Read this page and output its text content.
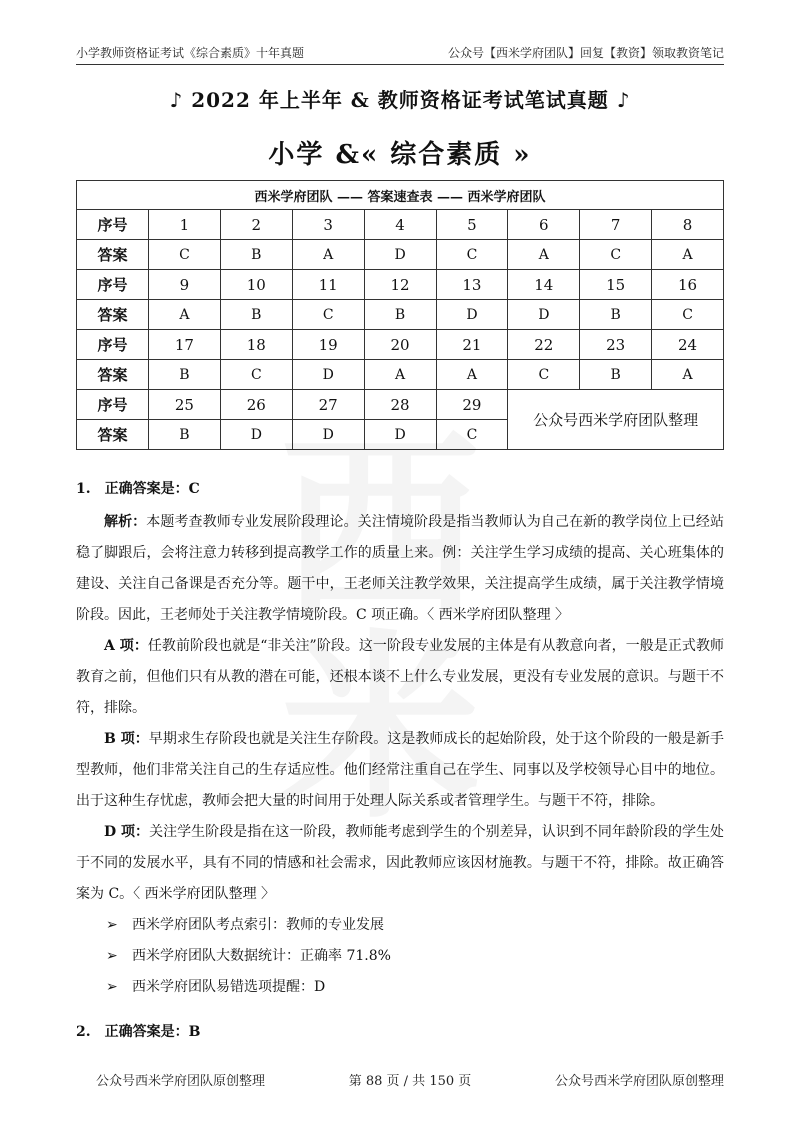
小学教师资格证考试《综合素质》十年真题	公众号【西米学府团队】回复【教资】领取教资笔记
♪ 2022 年上半年 & 教师资格证考试笔试真题 ♪
小学 &« 综合素质 »
西米学府团队 —— 答案速查表 —— 西米学府团队								
序号	1	2	3	4	5	6	7	8
答案	C	B	A	D	C	A	C	A
序号	9	10	11	12	13	14	15	16
答案	A	B	C	B	D	D	B	C
序号	17	18	19	20	21	22	23	24
答案	B	C	D	A	A	C	B	A
序号	25	26	27	28	29	公众号西米学府团队整理		
答案	B	D	D	D	C			

1.　正确答案是：C

解析：本题考查教师专业发展阶段理论。关注情境阶段是指当教师认为自己在新的教学岗位上已经站稳了脚跟后，会将注意力转移到提高教学工作的质量上来。例：关注学生学习成绩的提高、关心班集体的建设、关注自己备课是否充分等。题干中，王老师关注教学效果，关注提高学生成绩，属于关注教学情境阶段。因此，王老师处于关注教学情境阶段。C 项正确。〈 西米学府团队整理 〉

A 项：任教前阶段也就是“非关注”阶段。这一阶段专业发展的主体是有从教意向者，一般是正式教师教育之前，但他们只有从教的潜在可能，还根本谈不上什么专业发展，更没有专业发展的意识。与题干不符，排除。

B 项：早期求生存阶段也就是关注生存阶段。这是教师成长的起始阶段，处于这个阶段的一般是新手型教师，他们非常关注自己的生存适应性。他们经常注重自己在学生、同事以及学校领导心目中的地位。出于这种生存忧虑，教师会把大量的时间用于处理人际关系或者管理学生。与题干不符，排除。

D 项：关注学生阶段是指在这一阶段，教师能考虑到学生的个别差异，认识到不同年龄阶段的学生处于不同的发展水平，具有不同的情感和社会需求，因此教师应该因材施教。与题干不符，排除。故正确答案为 C。〈 西米学府团队整理 〉

➢ 西米学府团队考点索引：教师的专业发展

➢ 西米学府团队大数据统计：正确率 71.8%

➢ 西米学府团队易错选项提醒：D

2.　正确答案是：B

公众号西米学府团队原创整理	第 88 页 / 共 150 页	公众号西米学府团队原创整理
